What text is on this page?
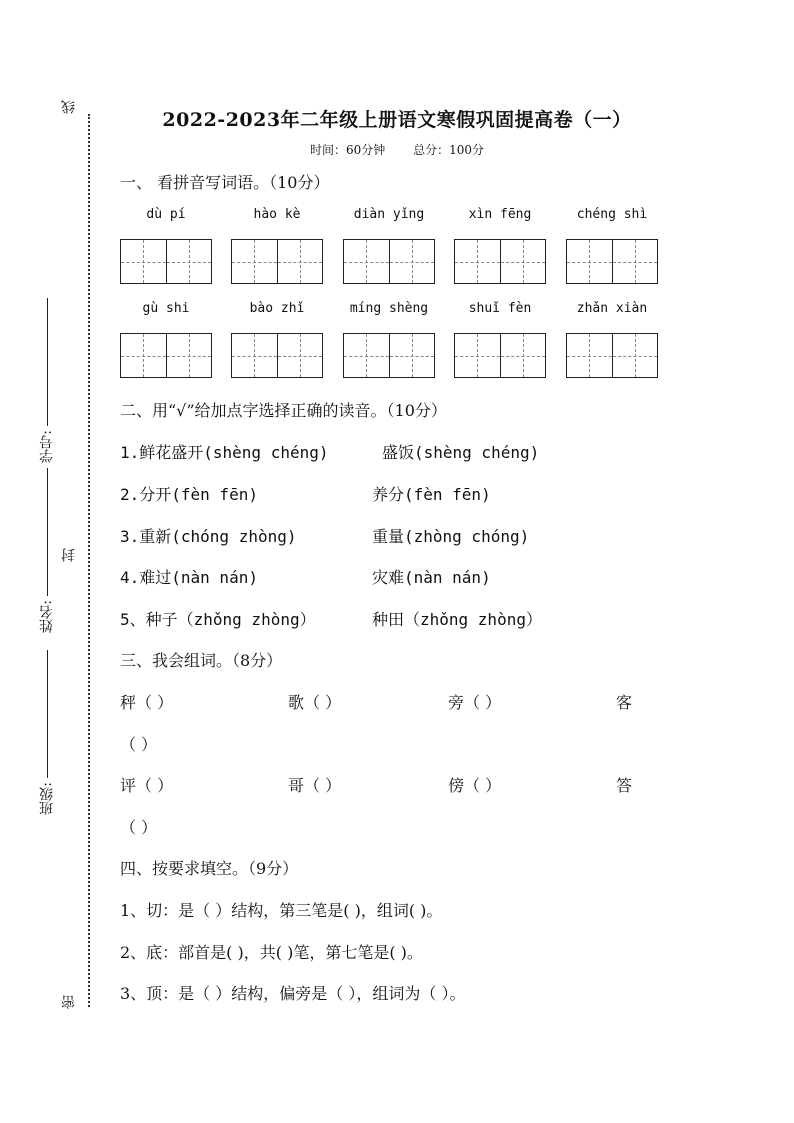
线
封
密
学号:
姓名:
班级:
2022-2023年二年级上册语文寒假巩固提高卷（一）
时间：60分钟 总分：100分
一、 看拼音写词语。（10分）
dù pí	hào kè	diàn yǐng	xìn fēng	chéng shì
gù shi	bào zhǐ	míng shèng	shuǐ fèn	zhǎn xiàn
二、用“√”给加点字选择正确的读音。（10分）
1.鲜花盛开(shèng chéng)	盛饭(shèng chéng)
2.分开(fèn fēn)	养分(fèn fēn)
3.重新(chóng zhòng)	重量(zhòng chóng)
4.难过(nàn nán)	灾难(nàn nán)
5、种子（zhǒng zhòng）	种田（zhǒng zhòng）
三、我会组词。（8分）
秤（ ）	歌（ ）	旁（ ）	客
（ ）
评（ ）	哥（ ）	傍（ ）	答
（ ）
四、按要求填空。（9分）
1、切：是（ ）结构，第三笔是( )，组词( )。
2、底：部首是( )，共( )笔，第七笔是( )。
3、顶：是（ ）结构，偏旁是（ ），组词为（ ）。
